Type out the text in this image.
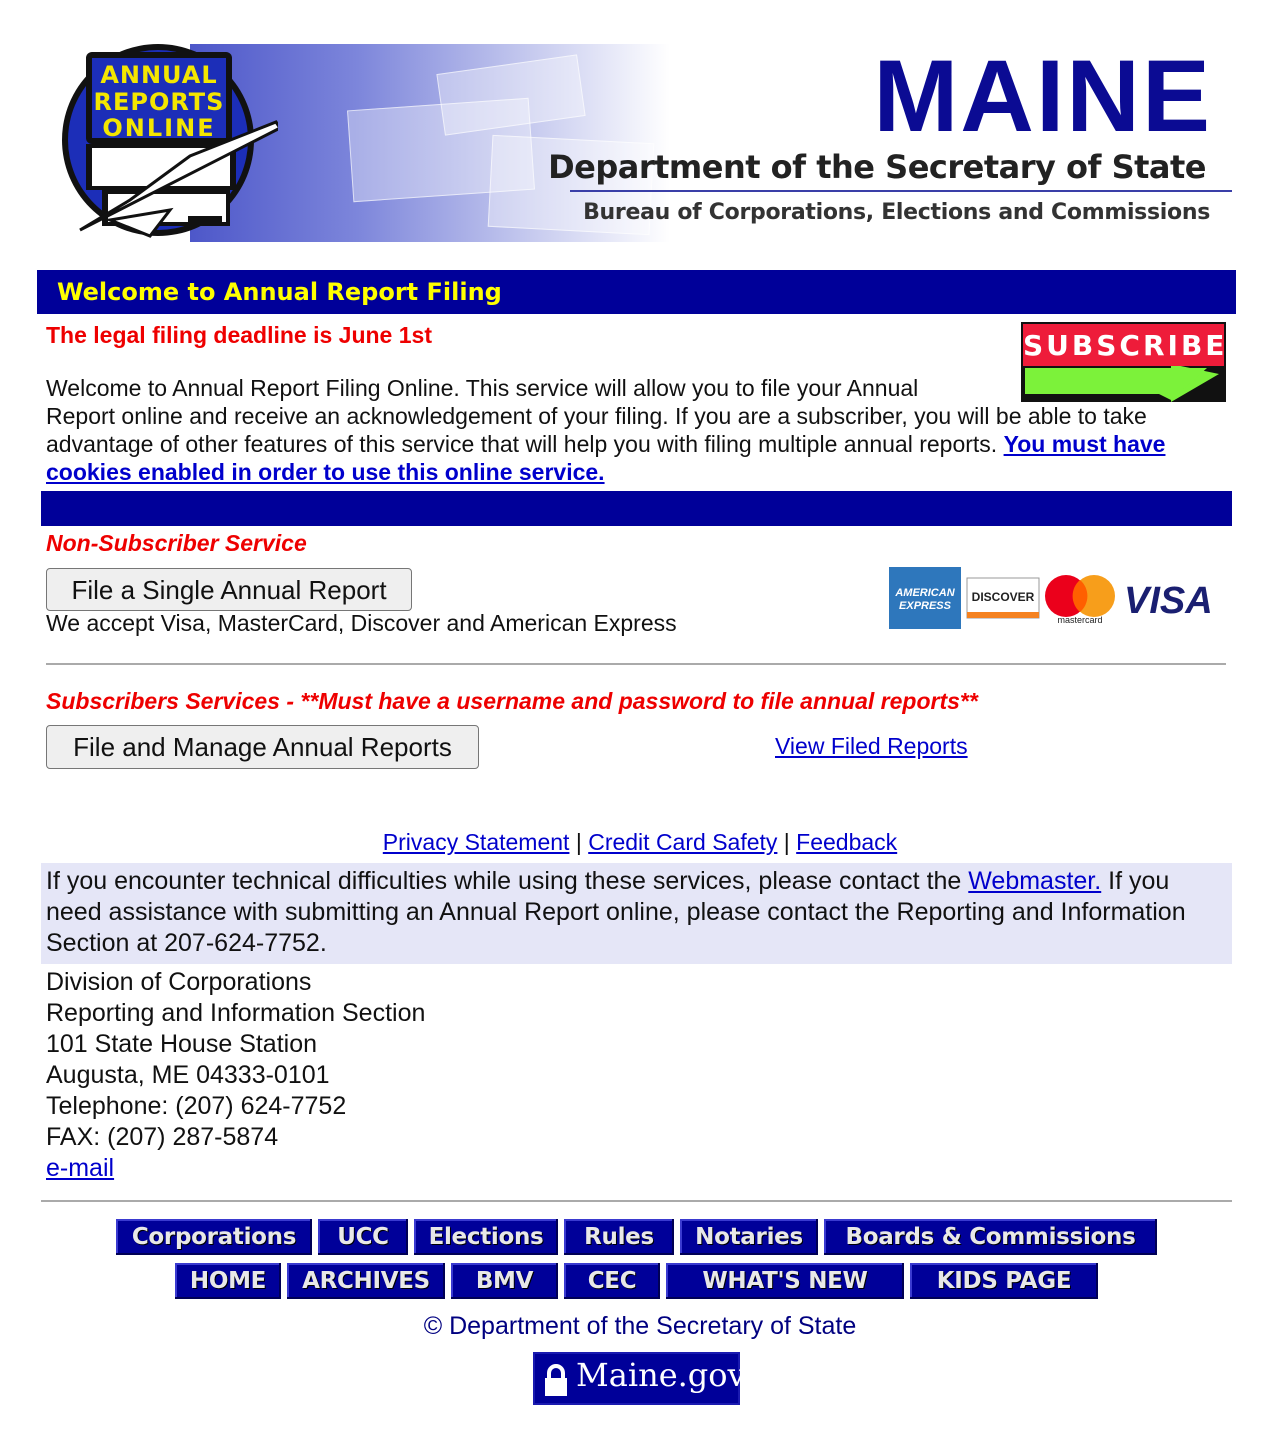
ANNUAL
REPORTS
ONLINE	MAINE
Department of the Secretary of State
Bureau of Corporations, Elections and Commissions
Welcome to Annual Report Filing
The legal filing deadline is June 1st	SUBSCRIBE
Welcome to Annual Report Filing Online. This service will allow you to file your Annual
Report online and receive an acknowledgement of your filing. If you are a subscriber, you will be able to take advantage of other features of this service that will help you with filing multiple annual reports. You must have cookies enabled in order to use this online service.
Non-Subscriber Service
File a Single Annual Report
We accept Visa, MasterCard, Discover and American Express
AMERICAN
EXPRESS
DISCOVER
mastercard VISA
Subscribers Services - **Must have a username and password to file annual reports**
File and Manage Annual Reports	View Filed Reports
Privacy Statement | Credit Card Safety | Feedback
If you encounter technical difficulties while using these services, please contact the Webmaster. If you need assistance with submitting an Annual Report online, please contact the Reporting and Information Section at 207-624-7752.
Division of Corporations
Reporting and Information Section
101 State House Station
Augusta, ME 04333-0101
Telephone: (207) 624-7752
FAX: (207) 287-5874
e-mail
Corporations	UCC	Elections	Rules	Notaries	Boards & Commissions
HOME	ARCHIVES	BMV	CEC	WHAT'S NEW	KIDS PAGE
© Department of the Secretary of State
Maine.gov
